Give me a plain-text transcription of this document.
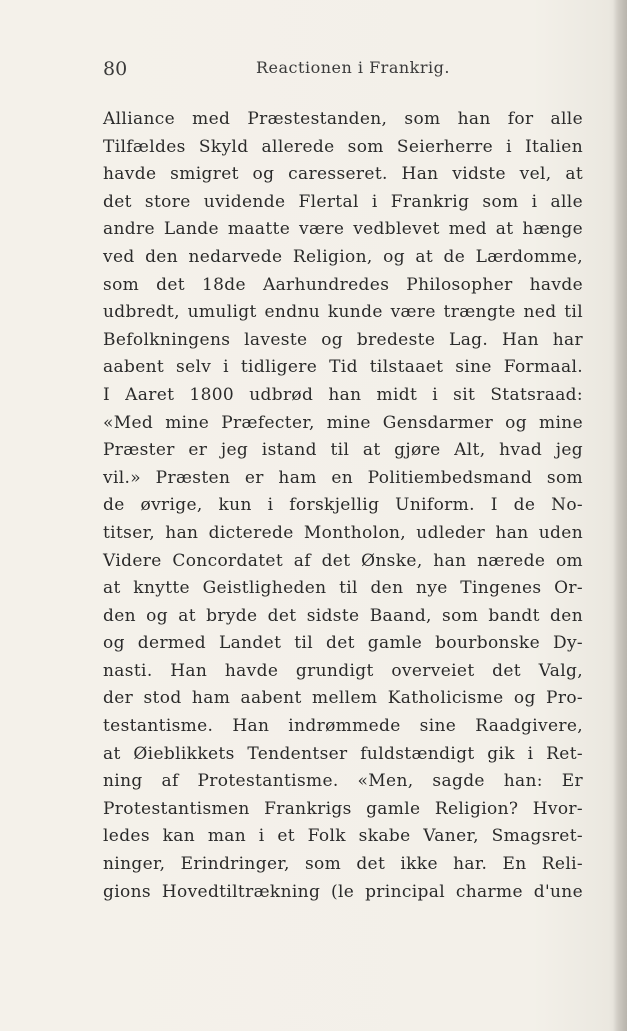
80	Reactionen i Frankrig.
Alliance med Præstestanden, som han for alle
Tilfældes Skyld allerede som Seierherre i Italien
havde smigret og caresseret. Han vidste vel, at
det store uvidende Flertal i Frankrig som i alle
andre Lande maatte være vedblevet med at hænge
ved den nedarvede Religion, og at de Lærdomme,
som det 18de Aarhundredes Philosopher havde
udbredt, umuligt endnu kunde være trængte ned til
Befolkningens laveste og bredeste Lag. Han har
aabent selv i tidligere Tid tilstaaet sine Formaal.
I Aaret 1800 udbrød han midt i sit Statsraad:
«Med mine Præfecter, mine Gensdarmer og mine
Præster er jeg istand til at gjøre Alt, hvad jeg
vil.» Præsten er ham en Politiembedsmand som
de øvrige, kun i forskjellig Uniform. I de No-
titser, han dicterede Montholon, udleder han uden
Videre Concordatet af det Ønske, han nærede om
at knytte Geistligheden til den nye Tingenes Or-
den og at bryde det sidste Baand, som bandt den
og dermed Landet til det gamle bourbonske Dy-
nasti. Han havde grundigt overveiet det Valg,
der stod ham aabent mellem Katholicisme og Pro-
testantisme. Han indrømmede sine Raadgivere,
at Øieblikkets Tendentser fuldstændigt gik i Ret-
ning af Protestantisme. «Men, sagde han: Er
Protestantismen Frankrigs gamle Religion? Hvor-
ledes kan man i et Folk skabe Vaner, Smagsret-
ninger, Erindringer, som det ikke har. En Reli-
gions Hovedtiltrækning (le principal charme d'une
